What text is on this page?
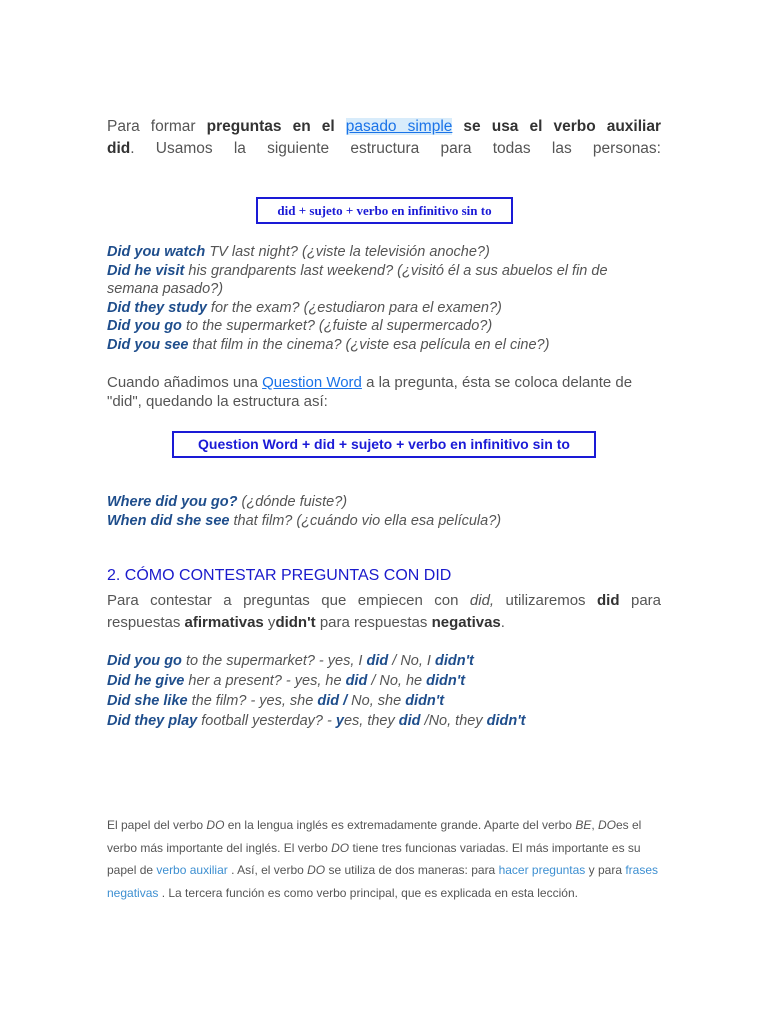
Para formar preguntas en el pasado simple se usa el verbo auxiliar
did. Usamos la siguiente estructura para todas las personas:
did + sujeto + verbo en infinitivo sin to
Did you watch TV last night? (¿viste la televisión anoche?)
Did he visit his grandparents last weekend? (¿visitó él a sus abuelos el fin de semana pasado?)
Did they study for the exam? (¿estudiaron para el examen?)
Did you go to the supermarket? (¿fuiste al supermercado?)
Did you see that film in the cinema? (¿viste esa película en el cine?)
Cuando añadimos una Question Word a la pregunta, ésta se coloca delante de "did", quedando la estructura así:
Question Word + did + sujeto + verbo en infinitivo sin to
Where did you go? (¿dónde fuiste?)
When did she see that film? (¿cuándo vio ella esa película?)
2. CÓMO CONTESTAR PREGUNTAS CON DID
Para contestar a preguntas que empiecen con did, utilizaremos did para
respuestas afirmativas ydidn't para respuestas negativas.
Did you go to the supermarket? - yes, I did / No, I didn't
Did he give her a present? - yes, he did / No, he didn't
Did she like the film? - yes, she did / No, she didn't
Did they play football yesterday? - yes, they did /No, they didn't
El papel del verbo DO en la lengua inglés es extremadamente grande. Aparte del verbo BE, DOes el verbo más importante del inglés. El verbo DO tiene tres funcionas variadas. El más importante es su papel de verbo auxiliar . Así, el verbo DO se utiliza de dos maneras: para hacer preguntas y para frases negativas . La tercera función es como verbo principal, que es explicada en esta lección.
